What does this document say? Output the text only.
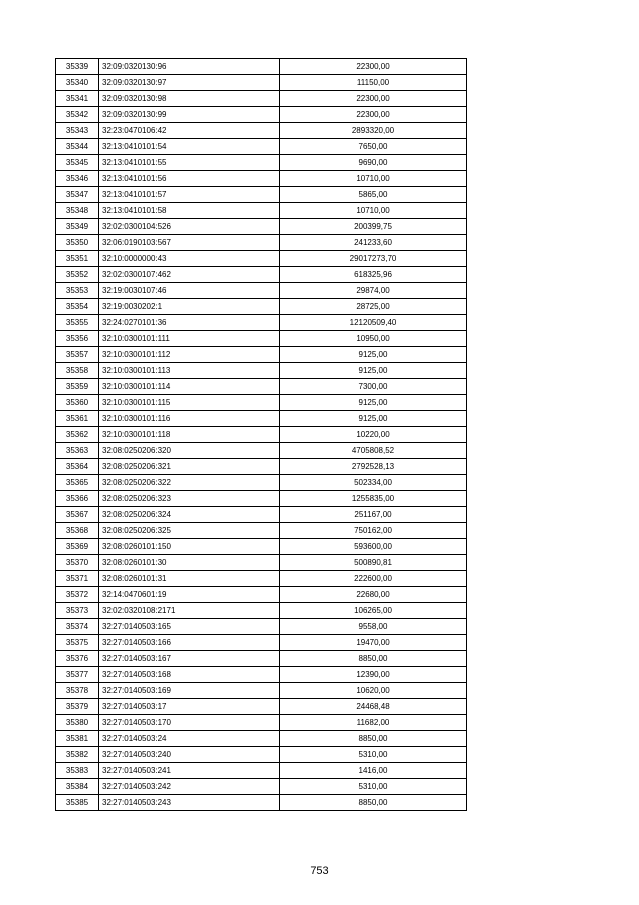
35339	32:09:0320130:96	22300,00
35340	32:09:0320130:97	11150,00
35341	32:09:0320130:98	22300,00
35342	32:09:0320130:99	22300,00
35343	32:23:0470106:42	2893320,00
35344	32:13:0410101:54	7650,00
35345	32:13:0410101:55	9690,00
35346	32:13:0410101:56	10710,00
35347	32:13:0410101:57	5865,00
35348	32:13:0410101:58	10710,00
35349	32:02:0300104:526	200399,75
35350	32:06:0190103:567	241233,60
35351	32:10:0000000:43	29017273,70
35352	32:02:0300107:462	618325,96
35353	32:19:0030107:46	29874,00
35354	32:19:0030202:1	28725,00
35355	32:24:0270101:36	12120509,40
35356	32:10:0300101:111	10950,00
35357	32:10:0300101:112	9125,00
35358	32:10:0300101:113	9125,00
35359	32:10:0300101:114	7300,00
35360	32:10:0300101:115	9125,00
35361	32:10:0300101:116	9125,00
35362	32:10:0300101:118	10220,00
35363	32:08:0250206:320	4705808,52
35364	32:08:0250206:321	2792528,13
35365	32:08:0250206:322	502334,00
35366	32:08:0250206:323	1255835,00
35367	32:08:0250206:324	251167,00
35368	32:08:0250206:325	750162,00
35369	32:08:0260101:150	593600,00
35370	32:08:0260101:30	500890,81
35371	32:08:0260101:31	222600,00
35372	32:14:0470601:19	22680,00
35373	32:02:0320108:2171	106265,00
35374	32:27:0140503:165	9558,00
35375	32:27:0140503:166	19470,00
35376	32:27:0140503:167	8850,00
35377	32:27:0140503:168	12390,00
35378	32:27:0140503:169	10620,00
35379	32:27:0140503:17	24468,48
35380	32:27:0140503:170	11682,00
35381	32:27:0140503:24	8850,00
35382	32:27:0140503:240	5310,00
35383	32:27:0140503:241	1416,00
35384	32:27:0140503:242	5310,00
35385	32:27:0140503:243	8850,00
753
